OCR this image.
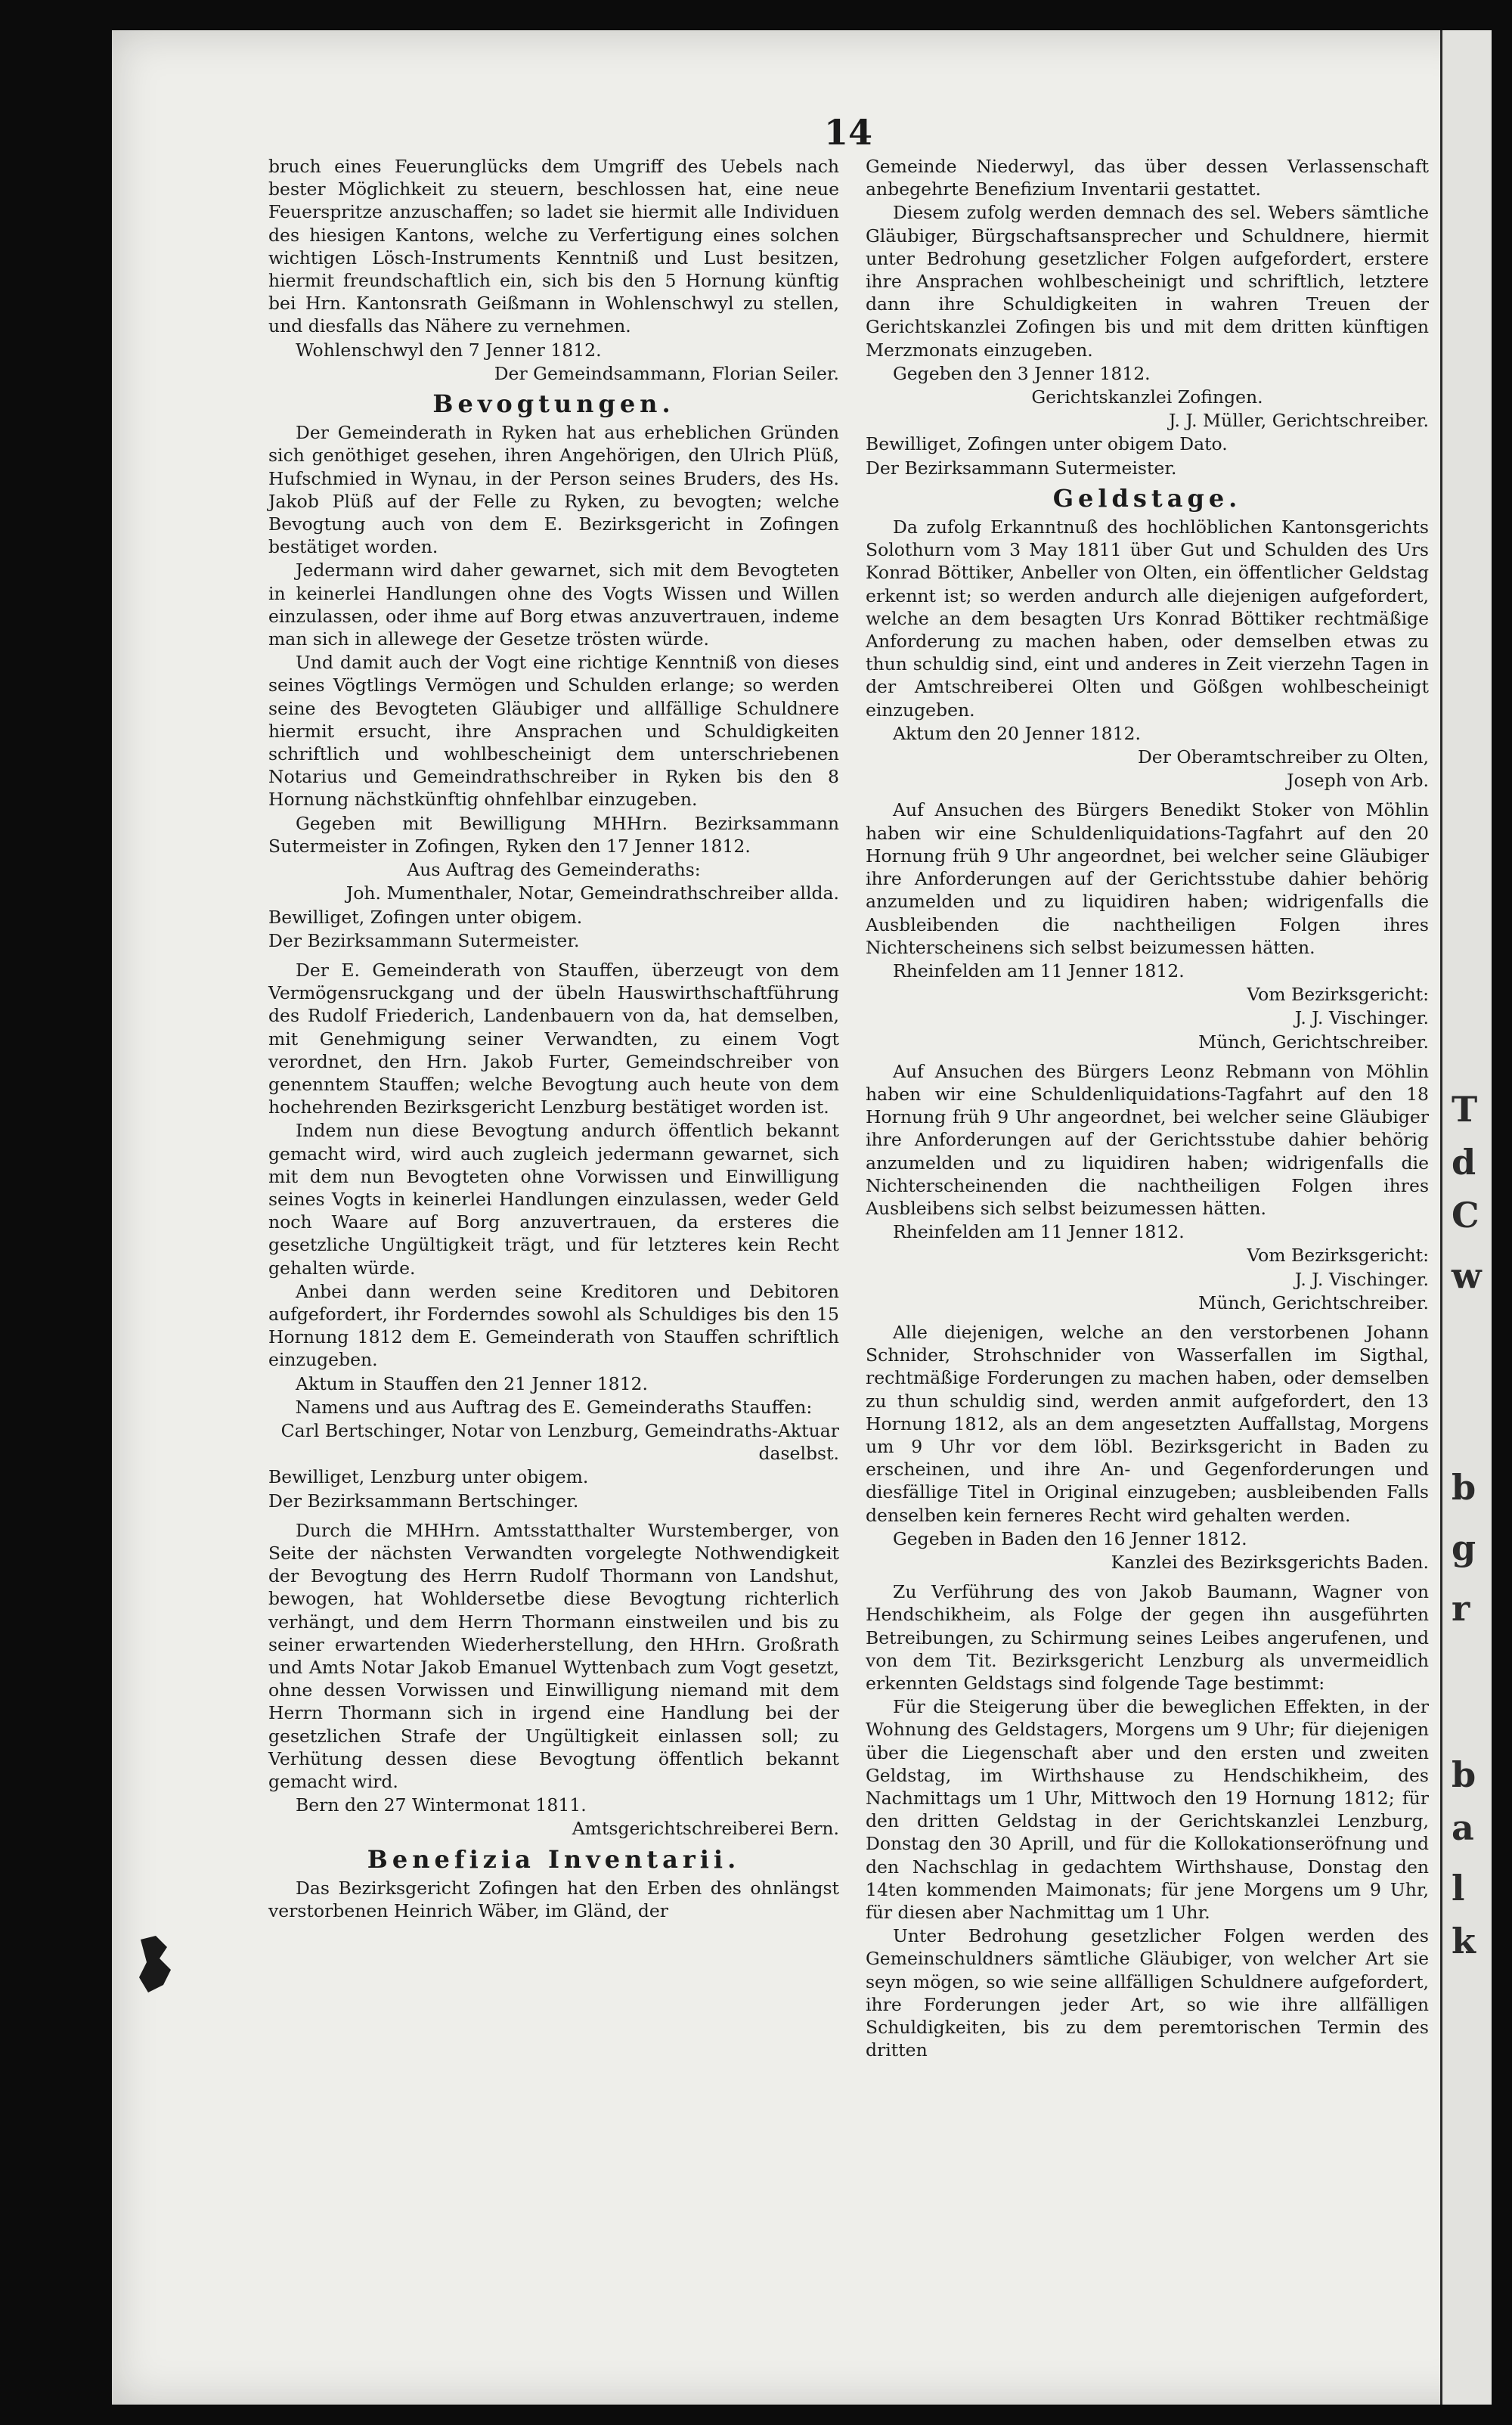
T
d
C
w
b
g
r
b
a
l
k
14

bruch eines Feuerunglücks dem Umgriff des Uebels nach bester Möglichkeit zu steuern, beschlossen hat, eine neue Feuerspritze anzuschaffen; so ladet sie hiermit alle Individuen des hiesigen Kantons, welche zu Verfertigung eines solchen wichtigen Lösch-Instruments Kenntniß und Lust besitzen, hiermit freundschaftlich ein, sich bis den 5 Hornung künftig bei Hrn. Kantonsrath Geißmann in Wohlenschwyl zu stellen, und diesfalls das Nähere zu vernehmen.

Wohlenschwyl den 7 Jenner 1812.

Der Gemeindsammann, Florian Seiler.

Bevogtungen.

Der Gemeinderath in Ryken hat aus erheblichen Gründen sich genöthiget gesehen, ihren Angehörigen, den Ulrich Plüß, Hufschmied in Wynau, in der Person seines Bruders, des Hs. Jakob Plüß auf der Felle zu Ryken, zu bevogten; welche Bevogtung auch von dem E. Bezirksgericht in Zofingen bestätiget worden.

Jedermann wird daher gewarnet, sich mit dem Bevogteten in keinerlei Handlungen ohne des Vogts Wissen und Willen einzulassen, oder ihme auf Borg etwas anzuvertrauen, indeme man sich in allewege der Gesetze trösten würde.

Und damit auch der Vogt eine richtige Kenntniß von dieses seines Vögtlings Vermögen und Schulden erlange; so werden seine des Bevogteten Gläubiger und allfällige Schuldnere hiermit ersucht, ihre Ansprachen und Schuldigkeiten schriftlich und wohlbescheinigt dem unterschriebenen Notarius und Gemeindrathschreiber in Ryken bis den 8 Hornung nächstkünftig ohnfehlbar einzugeben.

Gegeben mit Bewilligung MHHrn. Bezirksammann Sutermeister in Zofingen, Ryken den 17 Jenner 1812.

Aus Auftrag des Gemeinderaths:

Joh. Mumenthaler, Notar, Gemeindrathschreiber allda.

Bewilliget, Zofingen unter obigem.

Der Bezirksammann Sutermeister.

Der E. Gemeinderath von Stauffen, überzeugt von dem Vermögensruckgang und der übeln Hauswirthschaftführung des Rudolf Friederich, Landenbauern von da, hat demselben, mit Genehmigung seiner Verwandten, zu einem Vogt verordnet, den Hrn. Jakob Furter, Gemeindschreiber von genenntem Stauffen; welche Bevogtung auch heute von dem hochehrenden Bezirksgericht Lenzburg bestätiget worden ist.

Indem nun diese Bevogtung andurch öffentlich bekannt gemacht wird, wird auch zugleich jedermann gewarnet, sich mit dem nun Bevogteten ohne Vorwissen und Einwilligung seines Vogts in keinerlei Handlungen einzulassen, weder Geld noch Waare auf Borg anzuvertrauen, da ersteres die gesetzliche Ungültigkeit trägt, und für letzteres kein Recht gehalten würde.

Anbei dann werden seine Kreditoren und Debitoren aufgefordert, ihr Forderndes sowohl als Schuldiges bis den 15 Hornung 1812 dem E. Gemeinderath von Stauffen schriftlich einzugeben.

Aktum in Stauffen den 21 Jenner 1812.

Namens und aus Auftrag des E. Gemeinderaths Stauffen:

Carl Bertschinger, Notar von Lenzburg, Gemeindraths-Aktuar daselbst.

Bewilliget, Lenzburg unter obigem.

Der Bezirksammann Bertschinger.

Durch die MHHrn. Amtsstatthalter Wurstemberger, von Seite der nächsten Verwandten vorgelegte Nothwendigkeit der Bevogtung des Herrn Rudolf Thormann von Landshut, bewogen, hat Wohldersetbe diese Bevogtung richterlich verhängt, und dem Herrn Thormann einstweilen und bis zu seiner erwartenden Wiederherstellung, den HHrn. Großrath und Amts Notar Jakob Emanuel Wyttenbach zum Vogt gesetzt, ohne dessen Vorwissen und Einwilligung niemand mit dem Herrn Thormann sich in irgend eine Handlung bei der gesetzlichen Strafe der Ungültigkeit einlassen soll; zu Verhütung dessen diese Bevogtung öffentlich bekannt gemacht wird.

Bern den 27 Wintermonat 1811.

Amtsgerichtschreiberei Bern.

Benefizia Inventarii.

Das Bezirksgericht Zofingen hat den Erben des ohnlängst verstorbenen Heinrich Wäber, im Gländ, der

Gemeinde Niederwyl, das über dessen Verlassenschaft anbegehrte Benefizium Inventarii gestattet.

Diesem zufolg werden demnach des sel. Webers sämtliche Gläubiger, Bürgschaftsansprecher und Schuldnere, hiermit unter Bedrohung gesetzlicher Folgen aufgefordert, erstere ihre Ansprachen wohlbescheinigt und schriftlich, letztere dann ihre Schuldigkeiten in wahren Treuen der Gerichtskanzlei Zofingen bis und mit dem dritten künftigen Merzmonats einzugeben.

Gegeben den 3 Jenner 1812.

Gerichtskanzlei Zofingen.

J. J. Müller, Gerichtschreiber.

Bewilliget, Zofingen unter obigem Dato.

Der Bezirksammann Sutermeister.

Geldstage.

Da zufolg Erkanntnuß des hochlöblichen Kantonsgerichts Solothurn vom 3 May 1811 über Gut und Schulden des Urs Konrad Böttiker, Anbeller von Olten, ein öffentlicher Geldstag erkennt ist; so werden andurch alle diejenigen aufgefordert, welche an dem besagten Urs Konrad Böttiker rechtmäßige Anforderung zu machen haben, oder demselben etwas zu thun schuldig sind, eint und anderes in Zeit vierzehn Tagen in der Amtschreiberei Olten und Gößgen wohlbescheinigt einzugeben.

Aktum den 20 Jenner 1812.

Der Oberamtschreiber zu Olten,

Joseph von Arb.

Auf Ansuchen des Bürgers Benedikt Stoker von Möhlin haben wir eine Schuldenliquidations-Tagfahrt auf den 20 Hornung früh 9 Uhr angeordnet, bei welcher seine Gläubiger ihre Anforderungen auf der Gerichtsstube dahier behörig anzumelden und zu liquidiren haben; widrigenfalls die Ausbleibenden die nachtheiligen Folgen ihres Nichterscheinens sich selbst beizumessen hätten.

Rheinfelden am 11 Jenner 1812.

Vom Bezirksgericht:

J. J. Vischinger.

Münch, Gerichtschreiber.

Auf Ansuchen des Bürgers Leonz Rebmann von Möhlin haben wir eine Schuldenliquidations-Tagfahrt auf den 18 Hornung früh 9 Uhr angeordnet, bei welcher seine Gläubiger ihre Anforderungen auf der Gerichtsstube dahier behörig anzumelden und zu liquidiren haben; widrigenfalls die Nichterscheinenden die nachtheiligen Folgen ihres Ausbleibens sich selbst beizumessen hätten.

Rheinfelden am 11 Jenner 1812.

Vom Bezirksgericht:

J. J. Vischinger.

Münch, Gerichtschreiber.

Alle diejenigen, welche an den verstorbenen Johann Schnider, Strohschnider von Wasserfallen im Sigthal, rechtmäßige Forderungen zu machen haben, oder demselben zu thun schuldig sind, werden anmit aufgefordert, den 13 Hornung 1812, als an dem angesetzten Auffallstag, Morgens um 9 Uhr vor dem löbl. Bezirksgericht in Baden zu erscheinen, und ihre An- und Gegenforderungen und diesfällige Titel in Original einzugeben; ausbleibenden Falls denselben kein ferneres Recht wird gehalten werden.

Gegeben in Baden den 16 Jenner 1812.

Kanzlei des Bezirksgerichts Baden.

Zu Verführung des von Jakob Baumann, Wagner von Hendschikheim, als Folge der gegen ihn ausgeführten Betreibungen, zu Schirmung seines Leibes angerufenen, und von dem Tit. Bezirksgericht Lenzburg als unvermeidlich erkennten Geldstags sind folgende Tage bestimmt:

Für die Steigerung über die beweglichen Effekten, in der Wohnung des Geldstagers, Morgens um 9 Uhr; für diejenigen über die Liegenschaft aber und den ersten und zweiten Geldstag, im Wirthshause zu Hendschikheim, des Nachmittags um 1 Uhr, Mittwoch den 19 Hornung 1812; für den dritten Geldstag in der Gerichtskanzlei Lenzburg, Donstag den 30 Aprill, und für die Kollokationseröfnung und den Nachschlag in gedachtem Wirthshause, Donstag den 14ten kommenden Maimonats; für jene Morgens um 9 Uhr, für diesen aber Nachmittag um 1 Uhr.

Unter Bedrohung gesetzlicher Folgen werden des Gemeinschuldners sämtliche Gläubiger, von welcher Art sie seyn mögen, so wie seine allfälligen Schuldnere aufgefordert, ihre Forderungen jeder Art, so wie ihre allfälligen Schuldigkeiten, bis zu dem peremtorischen Termin des dritten
